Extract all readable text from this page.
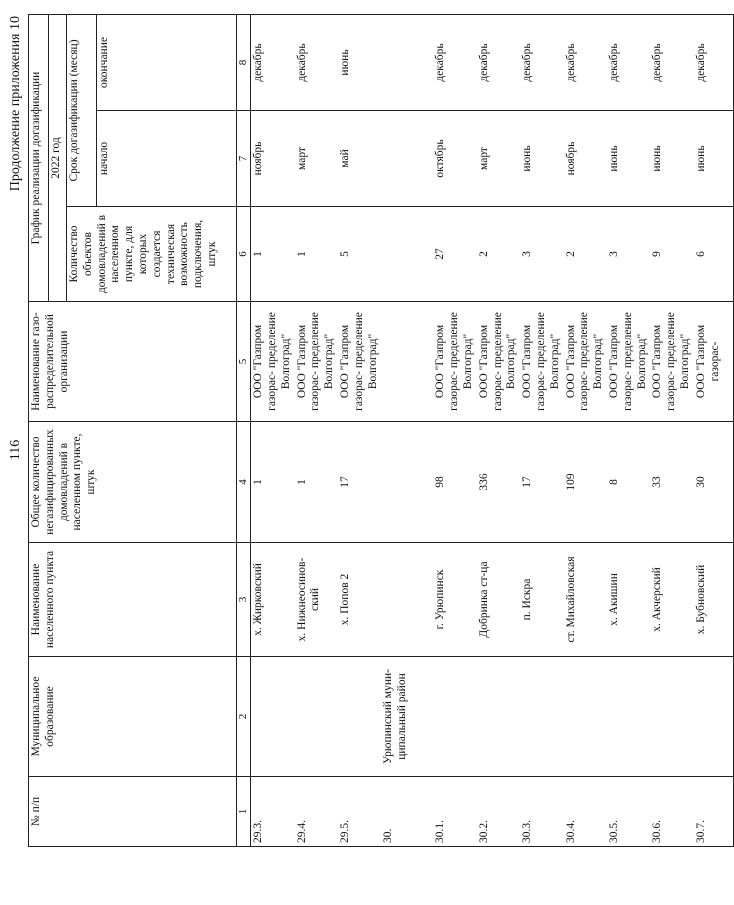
116
Продолжение приложения 10
№ п/п	Муниципальное образование	Наименование населенного пункта	Общее количество негазифицированных домовладений в населенном пункте, штук	Наименование газо- распределительной организации	График реализации догазификации		
					2022 год		
					Количество объектов домовладений в населенном пункте, для которых создается техническая возможность подключения, штук	Срок догазификации (месяц)	
						начало	окончание
1	2	3	4	5	6	7	8
29.3.		х. Жирковский	1	ООО "Газпром газорас- пределение Волгоград"	1	ноябрь	декабрь
29.4.		х. Нижнеосинов- ский	1	ООО "Газпром газорас- пределение Волгоград"	1	март	декабрь
29.5.		х. Попов 2	17	ООО "Газпром газорас- пределение Волгоград"	5	май	июнь
30.	Урюпинский муни- ципальный район						
30.1.		г. Урюпинск	98	ООО "Газпром газорас- пределение Волгоград"	27	октябрь	декабрь
30.2.		Добринка ст-ца	336	ООО "Газпром газорас- пределение Волгоград"	2	март	декабрь
30.3.		п. Искра	17	ООО "Газпром газорас- пределение Волгоград"	3	июнь	декабрь
30.4.		ст. Михайловская	109	ООО "Газпром газорас- пределение Волгоград"	2	ноябрь	декабрь
30.5.		х. Акишин	8	ООО "Газпром газорас- пределение Волгоград"	3	июнь	декабрь
30.6.		х. Акчерский	33	ООО "Газпром газорас- пределение Волгоград"	9	июнь	декабрь
30.7.		х. Бубновский	30	ООО "Газпром газорас-	6	июнь	декабрь
